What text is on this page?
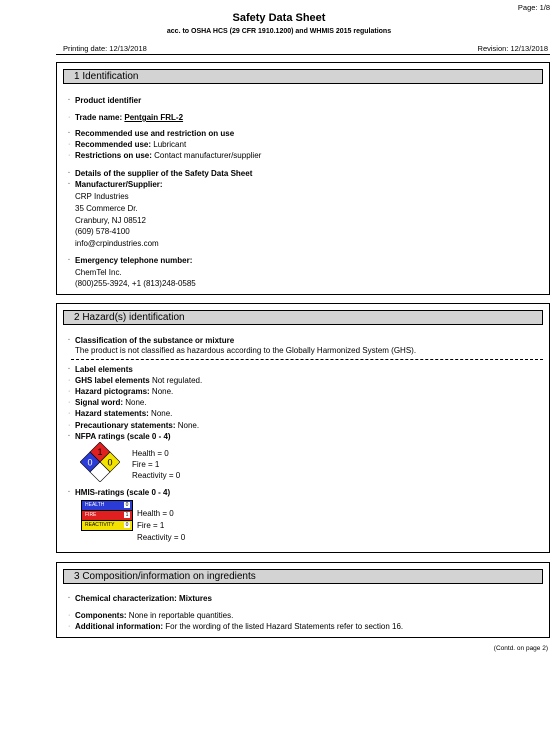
Page: 1/8
Safety Data Sheet
acc. to OSHA HCS (29 CFR 1910.1200) and WHMIS 2015 regulations
Printing date: 12/13/2018	Revision: 12/13/2018
1 Identification
· Product identifier
· Trade name: Pentgain FRL-2
· Recommended use and restriction on use
· Recommended use: Lubricant
· Restrictions on use: Contact manufacturer/supplier
· Details of the supplier of the Safety Data Sheet
· Manufacturer/Supplier:
CRP Industries
35 Commerce Dr.
Cranbury, NJ 08512
(609) 578-4100
info@crpindustries.com
· Emergency telephone number:
ChemTel Inc.
(800)255-3924, +1 (813)248-0585
2 Hazard(s) identification
· Classification of the substance or mixture
The product is not classified as hazardous according to the Globally Harmonized System (GHS).
· Label elements
· GHS label elements Not regulated.
· Hazard pictograms: None.
· Signal word: None.
· Hazard statements: None.
· Precautionary statements: None.
· NFPA ratings (scale 0 - 4)
1
0 0
Health = 0
Fire = 1
Reactivity = 0
· HMIS-ratings (scale 0 - 4)
HEALTH	0
FIRE	1
REACTIVITY	0
Health = 0
Fire = 1
Reactivity = 0
3 Composition/information on ingredients
· Chemical characterization: Mixtures
· Components: None in reportable quantities.
· Additional information: For the wording of the listed Hazard Statements refer to section 16.
(Contd. on page 2)
